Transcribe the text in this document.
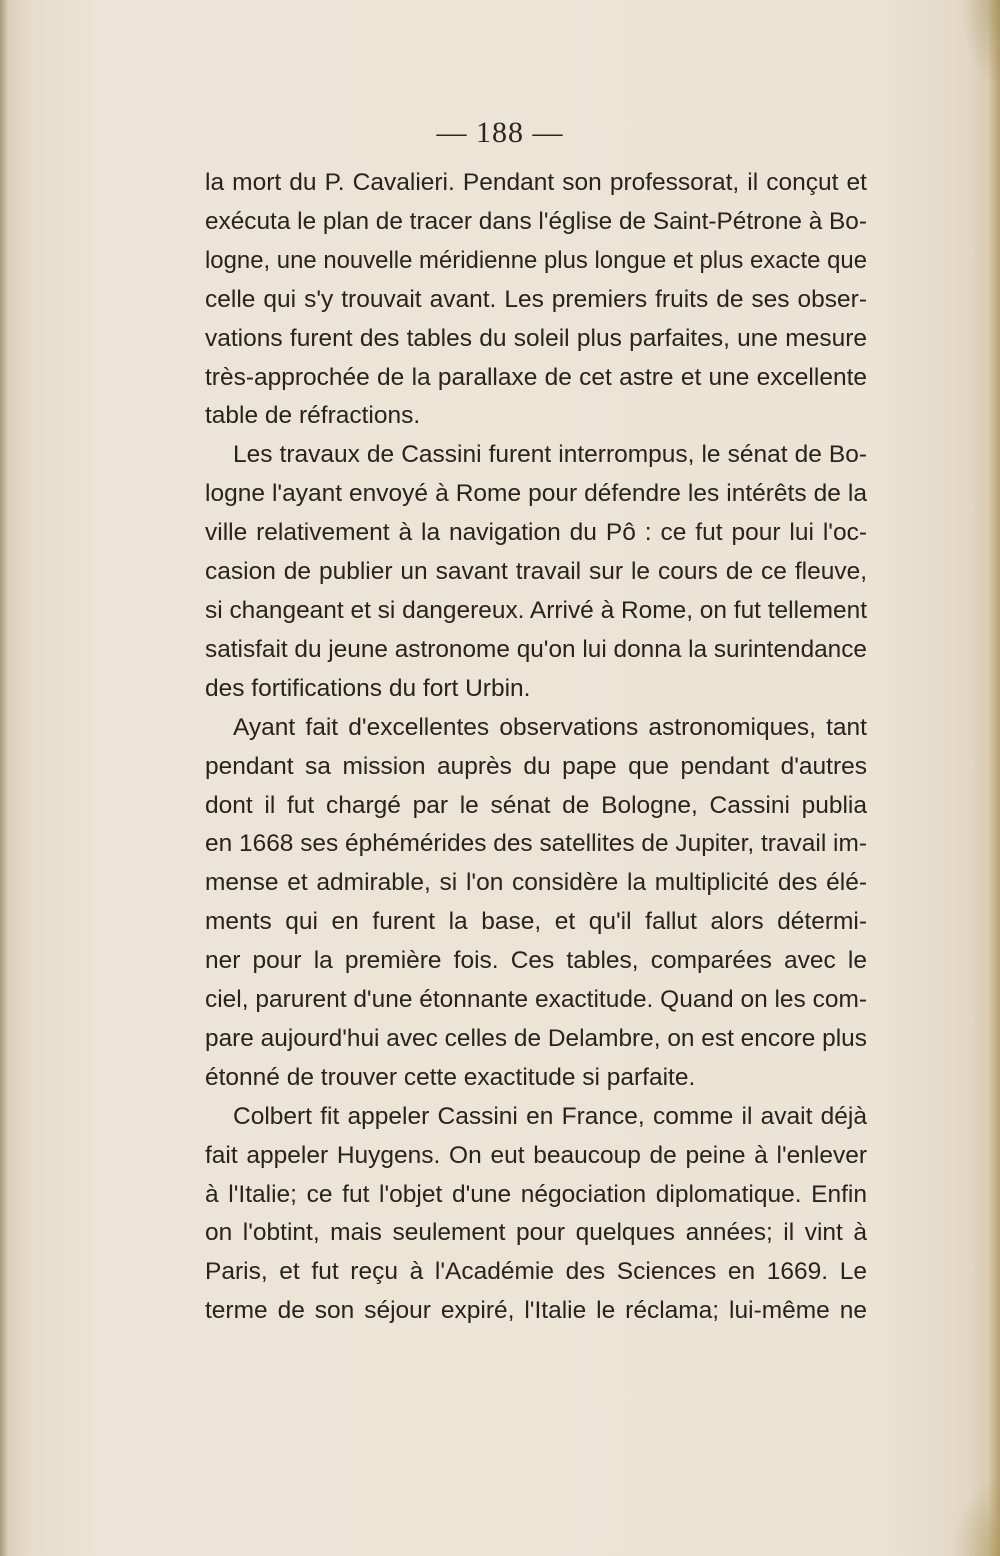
— 188 —

la mort du P. Cavalieri. Pendant son professorat, il conçut et
exécuta le plan de tracer dans l'église de Saint-Pétrone à Bo-
logne, une nouvelle méridienne plus longue et plus exacte que
celle qui s'y trouvait avant. Les premiers fruits de ses obser-
vations furent des tables du soleil plus parfaites, une mesure
très-approchée de la parallaxe de cet astre et une excellente
table de réfractions.

Les travaux de Cassini furent interrompus, le sénat de Bo-
logne l'ayant envoyé à Rome pour défendre les intérêts de la
ville relativement à la navigation du Pô : ce fut pour lui l'oc-
casion de publier un savant travail sur le cours de ce fleuve,
si changeant et si dangereux. Arrivé à Rome, on fut tellement
satisfait du jeune astronome qu'on lui donna la surintendance
des fortifications du fort Urbin.

Ayant fait d'excellentes observations astronomiques, tant
pendant sa mission auprès du pape que pendant d'autres
dont il fut chargé par le sénat de Bologne, Cassini publia
en 1668 ses éphémérides des satellites de Jupiter, travail im-
mense et admirable, si l'on considère la multiplicité des élé-
ments qui en furent la base, et qu'il fallut alors détermi-
ner pour la première fois. Ces tables, comparées avec le
ciel, parurent d'une étonnante exactitude. Quand on les com-
pare aujourd'hui avec celles de Delambre, on est encore plus
étonné de trouver cette exactitude si parfaite.

Colbert fit appeler Cassini en France, comme il avait déjà
fait appeler Huygens. On eut beaucoup de peine à l'enlever
à l'Italie; ce fut l'objet d'une négociation diplomatique. Enfin
on l'obtint, mais seulement pour quelques années; il vint à
Paris, et fut reçu à l'Académie des Sciences en 1669. Le
terme de son séjour expiré, l'Italie le réclama; lui-même ne
